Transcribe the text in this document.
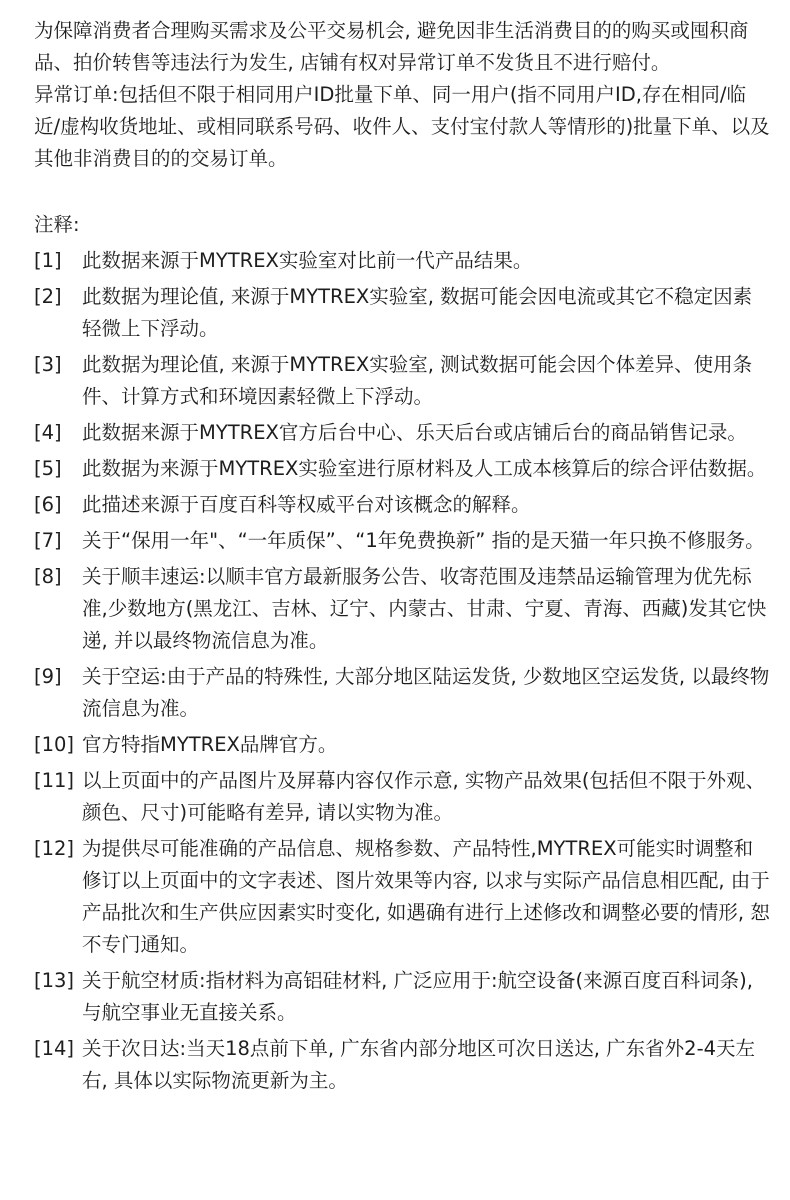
为保障消费者合理购买需求及公平交易机会, 避免因非生活消费目的的购买或囤积商品、拍价转售等违法行为发生, 店铺有权对异常订单不发货且不进行赔付。

异常订单:包括但不限于相同用户ID批量下单、同一用户(指不同用户ID,存在相同/临近/虚构收货地址、或相同联系号码、收件人、支付宝付款人等情形的)批量下单、以及其他非消费目的的交易订单。

注释:

[1] 此数据来源于MYTREX实验室对比前一代产品结果。
[2] 此数据为理论值, 来源于MYTREX实验室, 数据可能会因电流或其它不稳定因素轻微上下浮动。
[3] 此数据为理论值, 来源于MYTREX实验室, 测试数据可能会因个体差异、使用条件、计算方式和环境因素轻微上下浮动。
[4] 此数据来源于MYTREX官方后台中心、乐天后台或店铺后台的商品销售记录。
[5] 此数据为来源于MYTREX实验室进行原材料及人工成本核算后的综合评估数据。
[6] 此描述来源于百度百科等权威平台对该概念的解释。
[7] 关于“保用一年"、“一年质保”、“1年免费换新” 指的是天猫一年只换不修服务。
[8] 关于顺丰速运:以顺丰官方最新服务公告、收寄范围及违禁品运输管理为优先标准,少数地方(黑龙江、吉林、辽宁、内蒙古、甘肃、宁夏、青海、西藏)发其它快递, 并以最终物流信息为准。
[9] 关于空运:由于产品的特殊性, 大部分地区陆运发货, 少数地区空运发货, 以最终物流信息为准。
[10] 官方特指MYTREX品牌官方。
[11] 以上页面中的产品图片及屏幕内容仅作示意, 实物产品效果(包括但不限于外观、颜色、尺寸)可能略有差异, 请以实物为准。
[12] 为提供尽可能准确的产品信息、规格参数、产品特性,MYTREX可能实时调整和修订以上页面中的文字表述、图片效果等内容, 以求与实际产品信息相匹配, 由于产品批次和生产供应因素实时变化, 如遇确有进行上述修改和调整必要的情形, 恕不专门通知。
[13] 关于航空材质:指材料为高铝硅材料, 广泛应用于:航空设备(来源百度百科词条),与航空事业无直接关系。
[14] 关于次日达:当天18点前下单, 广东省内部分地区可次日送达, 广东省外2-4天左右, 具体以实际物流更新为主。
